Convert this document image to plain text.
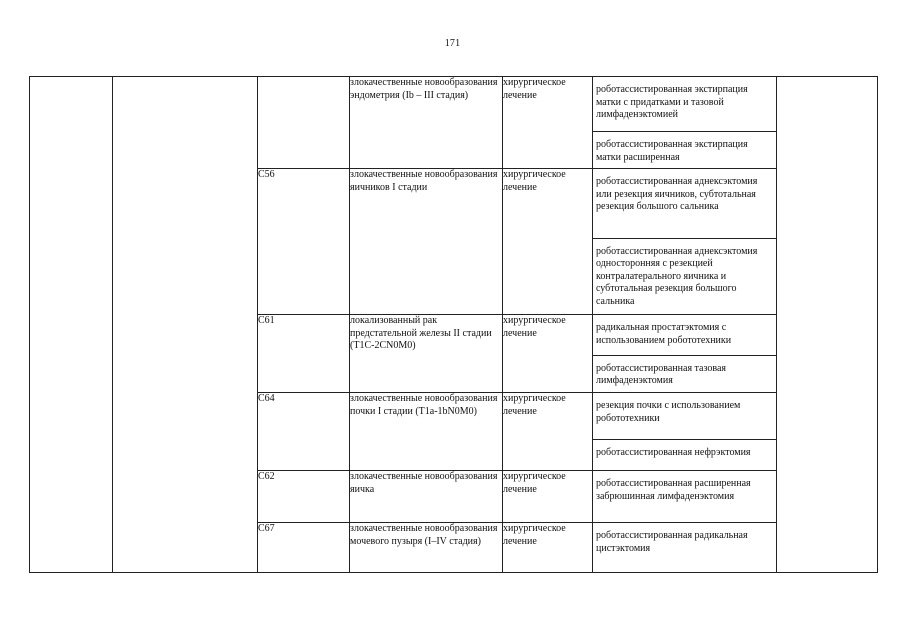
171
			злокачественные новообразования эндометрия (Ib – III стадия)	хирургическое лечение	роботассистированная экстирпация матки с придатками и тазовой лимфаденэктомией
роботассистированная экстирпация матки расширенная	

		С56	злокачественные новообразования яичников I стадии	хирургическое лечение	роботассистированная аднексэктомия или резекция яичников, субтотальная резекция большого сальника
роботассистированная аднексэктомия односторонняя с резекцией контралатерального яичника и субтотальная резекция большого сальника	

		С61	локализованный рак предстательной железы II стадии (T1C-2CN0M0)	хирургическое лечение	радикальная простатэктомия с использованием робототехники
роботассистированная тазовая лимфаденэктомия	

		С64	злокачественные новообразования почки I стадии (T1a-1bN0M0)	хирургическое лечение	резекция почки с использованием робототехники
роботассистированная нефрэктомия	

		С62	злокачественные новообразования яичка	хирургическое лечение	роботассистированная расширенная забрюшинная лимфаденэктомия	

		С67	злокачественные новообразования мочевого пузыря (I–IV стадия)	хирургическое лечение	роботассистированная радикальная цистэктомия	
